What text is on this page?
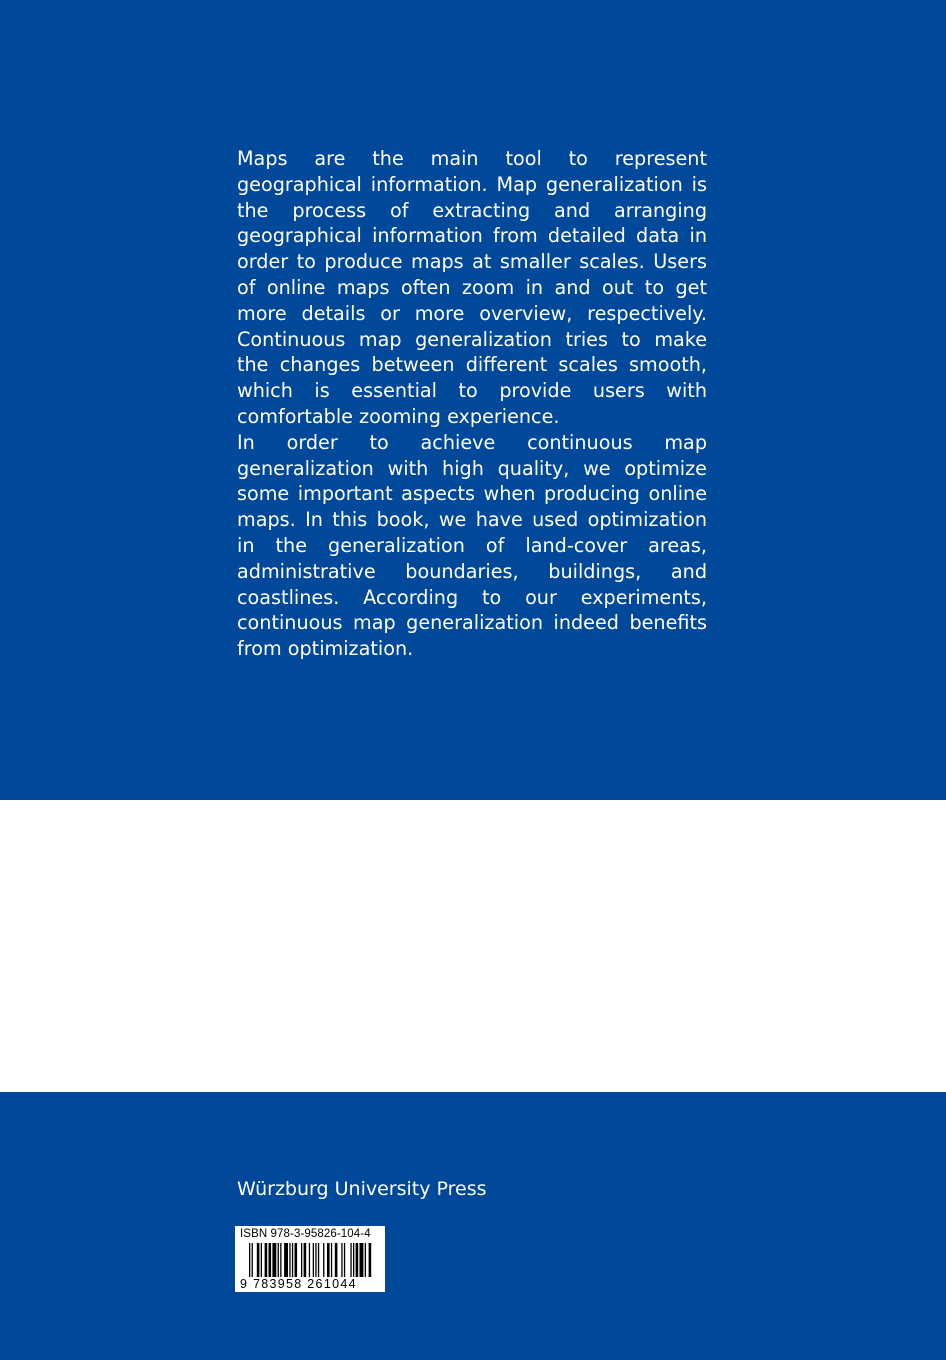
Maps are the main tool to represent geographical information. Map generalization is the process of extracting and arranging geographical information from detailed data in order to produce maps at smaller scales. Users of online maps often zoom in and out to get more details or more overview, respectively. Continuous map generalization tries to make the changes between different scales smooth, which is essential to provide users with comfortable zooming experience.

In order to achieve continuous map generalization with high quality, we optimize some important aspects when producing online maps. In this book, we have used optimization in the generalization of land-cover areas, administrative boundaries, buildings, and coastlines. According to our experiments, continuous map generalization indeed benefits from optimization.

Würzburg University Press
ISBN 978-3-95826-104-4
9 783958 261044
